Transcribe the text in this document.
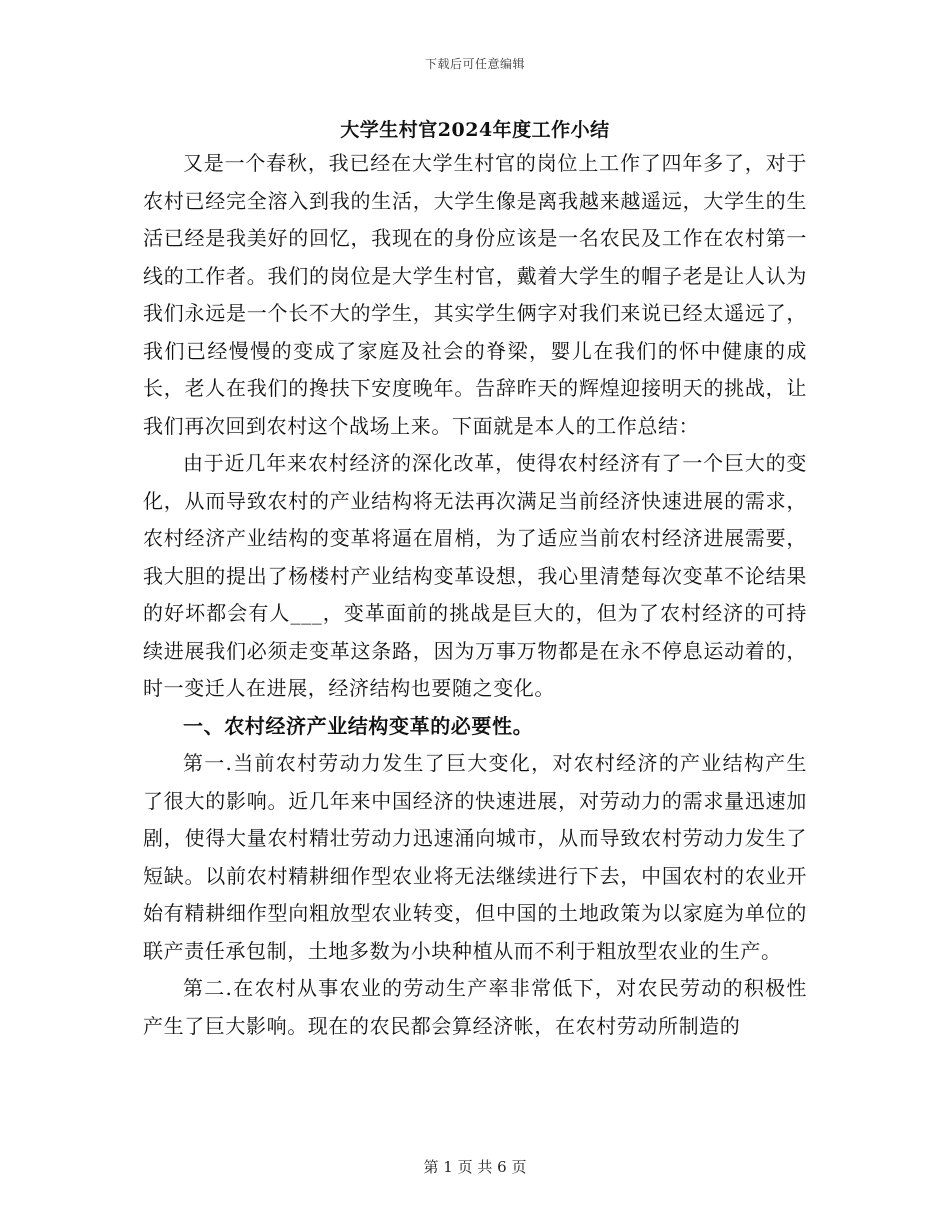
下载后可任意编辑
大学生村官2024年度工作小结

又是一个春秋，我已经在大学生村官的岗位上工作了四年多了，对于农村已经完全溶入到我的生活，大学生像是离我越来越遥远，大学生的生活已经是我美好的回忆，我现在的身份应该是一名农民及工作在农村第一线的工作者。我们的岗位是大学生村官，戴着大学生的帽子老是让人认为我们永远是一个长不大的学生，其实学生俩字对我们来说已经太遥远了，我们已经慢慢的变成了家庭及社会的脊梁，婴儿在我们的怀中健康的成长，老人在我们的搀扶下安度晚年。告辞昨天的辉煌迎接明天的挑战，让我们再次回到农村这个战场上来。下面就是本人的工作总结：

由于近几年来农村经济的深化改革，使得农村经济有了一个巨大的变化，从而导致农村的产业结构将无法再次满足当前经济快速进展的需求，农村经济产业结构的变革将逼在眉梢，为了适应当前农村经济进展需要，我大胆的提出了杨楼村产业结构变革设想，我心里清楚每次变革不论结果的好坏都会有人___，变革面前的挑战是巨大的，但为了农村经济的可持续进展我们必须走变革这条路，因为万事万物都是在永不停息运动着的，时一变迁人在进展，经济结构也要随之变化。

一、农村经济产业结构变革的必要性。

第一.当前农村劳动力发生了巨大变化，对农村经济的产业结构产生了很大的影响。近几年来中国经济的快速进展，对劳动力的需求量迅速加剧，使得大量农村精壮劳动力迅速涌向城市，从而导致农村劳动力发生了短缺。以前农村精耕细作型农业将无法继续进行下去，中国农村的农业开始有精耕细作型向粗放型农业转变，但中国的土地政策为以家庭为单位的联产责任承包制，土地多数为小块种植从而不利于粗放型农业的生产。

第二.在农村从事农业的劳动生产率非常低下，对农民劳动的积极性产生了巨大影响。现在的农民都会算经济帐，在农村劳动所制造的

第 1 页 共 6 页
